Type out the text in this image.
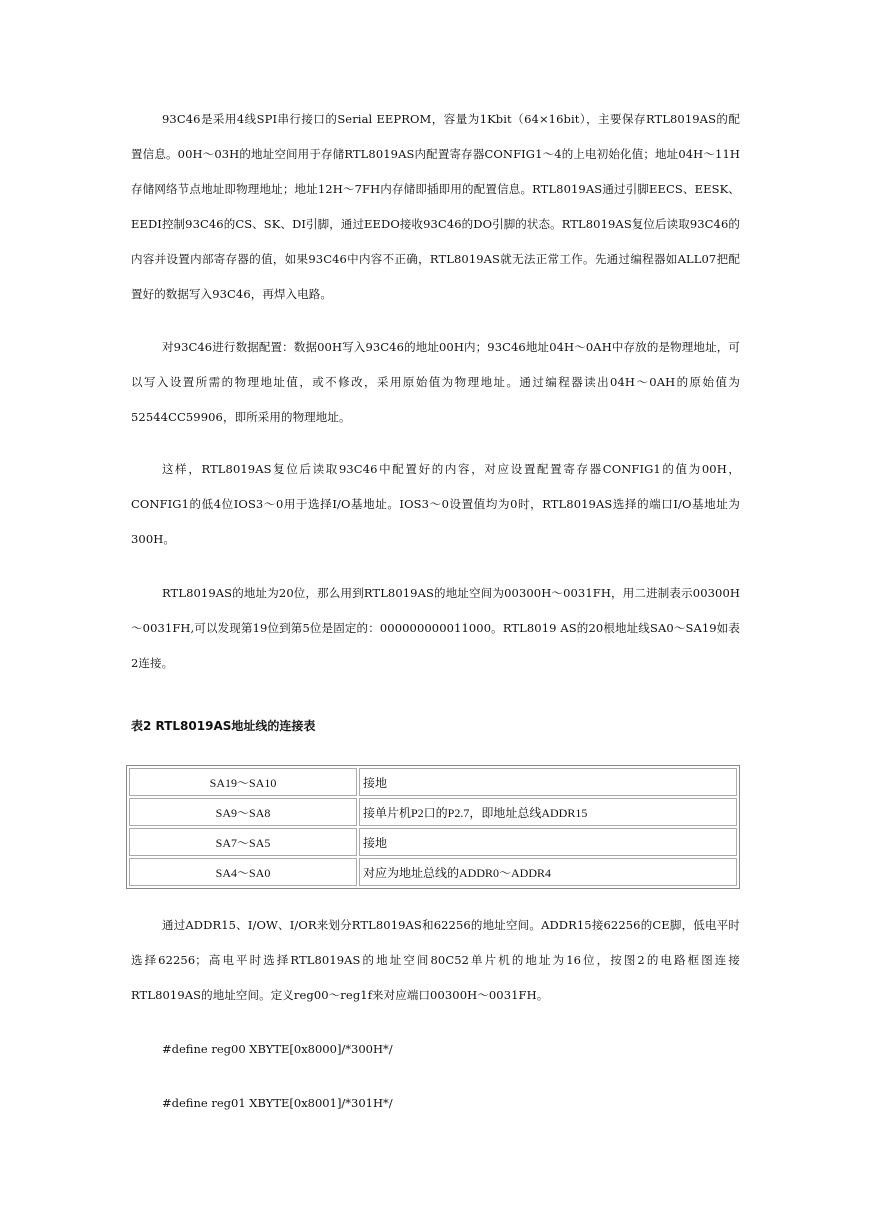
93C46是采用4线SPI串行接口的Serial EEPROM，容量为1Kbit（64×16bit），主要保存RTL8019AS的配置信息。00H～03H的地址空间用于存储RTL8019AS内配置寄存器CONFIG1～4的上电初始化值；地址04H～11H存储网络节点地址即物理地址；地址12H～7FH内存储即插即用的配置信息。RTL8019AS通过引脚EECS、EESK、EEDI控制93C46的CS、SK、DI引脚，通过EEDO接收93C46的DO引脚的状态。RTL8019AS复位后读取93C46的内容并设置内部寄存器的值，如果93C46中内容不正确，RTL8019AS就无法正常工作。先通过编程器如ALL07把配置好的数据写入93C46，再焊入电路。

对93C46进行数据配置：数据00H写入93C46的地址00H内；93C46地址04H～0AH中存放的是物理地址，可以写入设置所需的物理地址值，或不修改，采用原始值为物理地址。通过编程器读出04H～0AH的原始值为52544CC59906，即所采用的物理地址。

这样，RTL8019AS复位后读取93C46中配置好的内容，对应设置配置寄存器CONFIG1的值为00H，CONFIG1的低4位IOS3～0用于选择I/O基地址。IOS3～0设置值均为0时，RTL8019AS选择的端口I/O基地址为300H。

RTL8019AS的地址为20位，那么用到RTL8019AS的地址空间为00300H～0031FH，用二进制表示00300H～0031FH,可以发现第19位到第5位是固定的：000000000011000。RTL8019 AS的20根地址线SA0～SA19如表2连接。

表2 RTL8019AS地址线的连接表
SA19～SA10	接地
SA9～SA8	接单片机P2口的P2.7，即地址总线ADDR15
SA7～SA5	接地
SA4～SA0	对应为地址总线的ADDR0～ADDR4

通过ADDR15、I/OW、I/OR来划分RTL8019AS和62256的地址空间。ADDR15接62256的CE脚，低电平时选择62256；高电平时选择RTL8019AS的地址空间80C52单片机的地址为16位，按图2的电路框图连接RTL8019AS的地址空间。定义reg00～reg1f来对应端口00300H～0031FH。

#define reg00 XBYTE[0x8000]/*300H*/

#define reg01 XBYTE[0x8001]/*301H*/
